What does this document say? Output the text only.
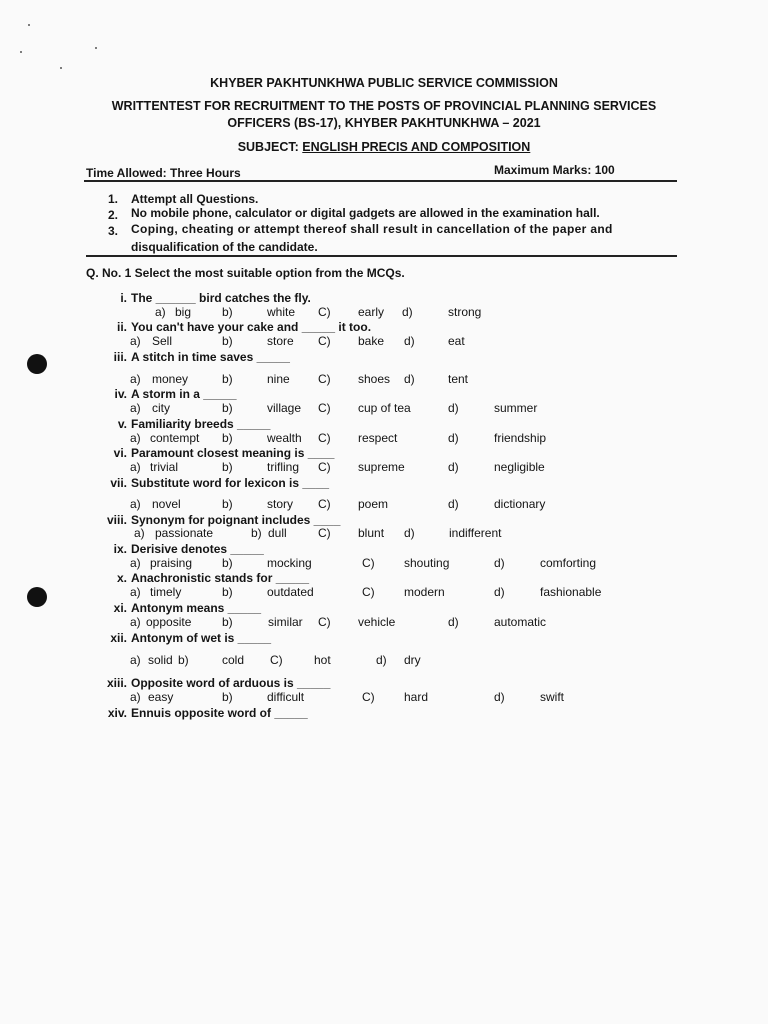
KHYBER PAKHTUNKHWA PUBLIC SERVICE COMMISSION
WRITTENTEST FOR RECRUITMENT TO THE POSTS OF PROVINCIAL PLANNING SERVICES
OFFICERS (BS-17), KHYBER PAKHTUNKHWA – 2021
SUBJECT: ENGLISH PRECIS AND COMPOSITION
Time Allowed: Three Hours	Maximum Marks: 100
1. Attempt all Questions.
2. No mobile phone, calculator or digital gadgets are allowed in the examination hall.
3. Coping, cheating or attempt thereof shall result in cancellation of the paper and
disqualification of the candidate.
Q. No. 1 Select the most suitable option from the MCQs.
i. The ______ bird catches the fly.
a) big	b)	white C) early d)	strong
ii. You can't have your cake and _____ it too.
a) Sell	b)	store C) bake d)	eat
iii. A stitch in time saves _____
a) money	b)	nine C) shoes d)	tent
iv. A storm in a _____
a) city	b)	village C) cup of tea	d)	summer
v. Familiarity breeds _____
a) contempt b)	wealth C) respect	d)	friendship
vi. Paramount closest meaning is ____
a) trivial	b)	trifling C) supreme	d)	negligible
vii. Substitute word for lexicon is ____
a) novel	b)	story C) poem	d)	dictionary
viii. Synonym for poignant includes ____
a) passionate	b) dull	C) blunt d)	indifferent
ix. Derisive denotes _____
a) praising b)	mocking	C) shouting	d)	comforting
x. Anachronistic stands for _____
a) timely	b)	outdated	C) modern	d)	fashionable
xi. Antonym means _____
a) opposite	b)	similar C) vehicle	d)	automatic
xii. Antonym of wet is _____
a) solid b)	cold C)	hot	d) dry
xiii. Opposite word of arduous is _____
a) easy	b)	difficult	C) hard	d)	swift
xiv. Ennuis opposite word of _____
